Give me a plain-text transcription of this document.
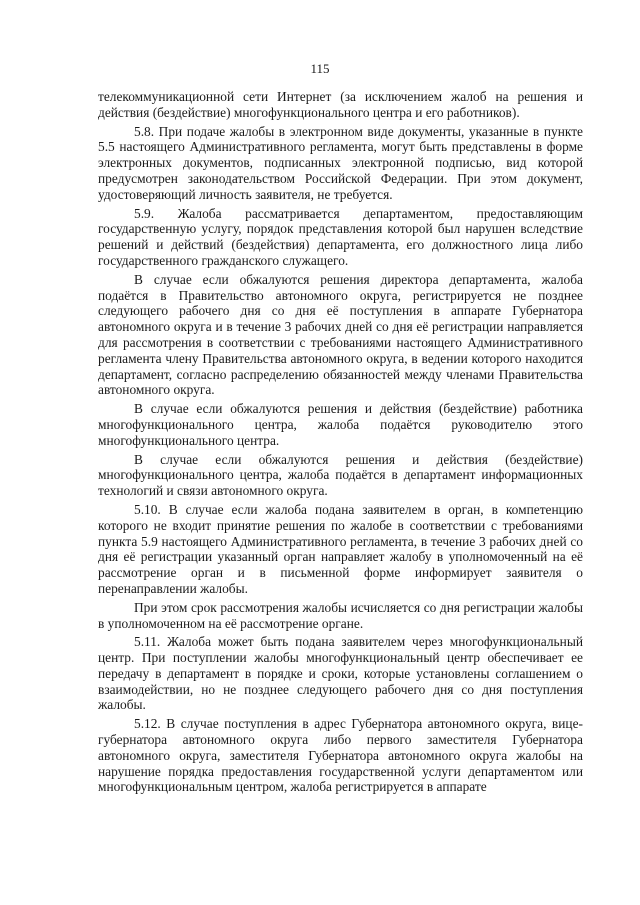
115

телекоммуникационной сети Интернет (за исключением жалоб на решения и действия (бездействие) многофункционального центра и его работников).

5.8. При подаче жалобы в электронном виде документы, указанные в пункте 5.5 настоящего Административного регламента, могут быть представлены в форме электронных документов, подписанных электронной подписью, вид которой предусмотрен законодательством Российской Федерации. При этом документ, удостоверяющий личность заявителя, не требуется.

5.9. Жалоба рассматривается департаментом, предоставляющим государственную услугу, порядок представления которой был нарушен вследствие решений и действий (бездействия) департамента, его должностного лица либо государственного гражданского служащего.

В случае если обжалуются решения директора департамента, жалоба подаётся в Правительство автономного округа, регистрируется не позднее следующего рабочего дня со дня её поступления в аппарате Губернатора автономного округа и в течение 3 рабочих дней со дня её регистрации направляется для рассмотрения в соответствии с требованиями настоящего Административного регламента члену Правительства автономного округа, в ведении которого находится департамент, согласно распределению обязанностей между членами Правительства автономного округа.

В случае если обжалуются решения и действия (бездействие) работника многофункционального центра, жалоба подаётся руководителю этого многофункционального центра.

В случае если обжалуются решения и действия (бездействие) многофункционального центра, жалоба подаётся в департамент информационных технологий и связи автономного округа.

5.10. В случае если жалоба подана заявителем в орган, в компетенцию которого не входит принятие решения по жалобе в соответствии с требованиями пункта 5.9 настоящего Административного регламента, в течение 3 рабочих дней со дня её регистрации указанный орган направляет жалобу в уполномоченный на её рассмотрение орган и в письменной форме информирует заявителя о перенаправлении жалобы.

При этом срок рассмотрения жалобы исчисляется со дня регистрации жалобы в уполномоченном на её рассмотрение органе.

5.11. Жалоба может быть подана заявителем через многофункциональный центр. При поступлении жалобы многофункциональный центр обеспечивает ее передачу в департамент в порядке и сроки, которые установлены соглашением о взаимодействии, но не позднее следующего рабочего дня со дня поступления жалобы.

5.12. В случае поступления в адрес Губернатора автономного округа, вице-губернатора автономного округа либо первого заместителя Губернатора автономного округа, заместителя Губернатора автономного округа жалобы на нарушение порядка предоставления государственной услуги департаментом или многофункциональным центром, жалоба регистрируется в аппарате
